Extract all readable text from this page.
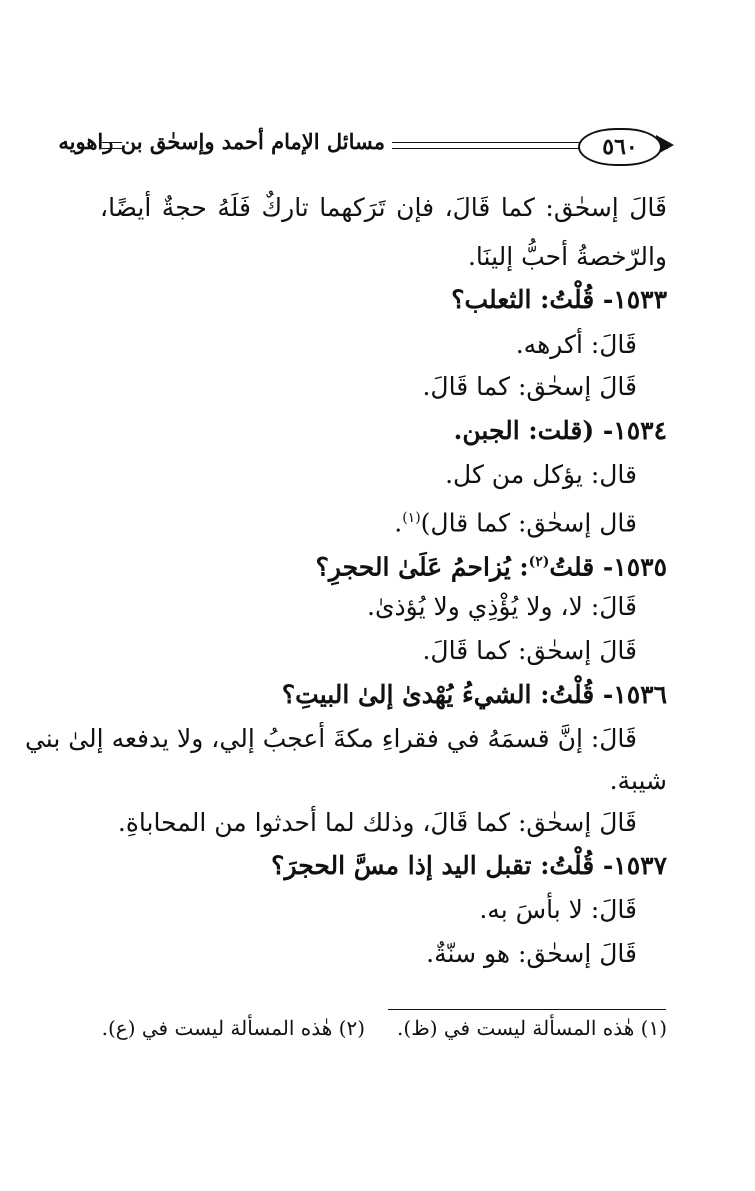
مسائل الإمام أحمد وإسحٰق بن راهويه	٥٦٠
قَالَ إسحٰق: كما قَالَ، فإن تَرَكهما تاركٌ فَلَهُ حجةٌ أيضًا،
والرّخصةُ أحبُّ إلينَا.
١٥٣٣- قُلْتُ: الثعلب؟
قَالَ: أكرهه.
قَالَ إسحٰق: كما قَالَ.
١٥٣٤- (قلت: الجبن.
قال: يؤكل من كل.
قال إسحٰق: كما قال)$^{(١)}$.
١٥٣٥- قلتُ$^{(٢)}$: يُزاحمُ عَلَىٰ الحجرِ؟
قَالَ: لا، ولا يُؤْذِي ولا يُؤذىٰ.
قَالَ إسحٰق: كما قَالَ.
١٥٣٦- قُلْتُ: الشيءُ يُهْدىٰ إلىٰ البيتِ؟
قَالَ: إنَّ قسمَهُ في فقراءِ مكةَ أعجبُ إلي، ولا يدفعه إلىٰ بني
شيبة.
قَالَ إسحٰق: كما قَالَ، وذلك لما أحدثوا من المحاباةِ.
١٥٣٧- قُلْتُ: تقبل اليد إذا مسَّ الحجرَ؟
قَالَ: لا بأسَ به.
قَالَ إسحٰق: هو سنّةٌ.
(١) هٰذه المسألة ليست في (ظ).
(٢) هٰذه المسألة ليست في (ع).
